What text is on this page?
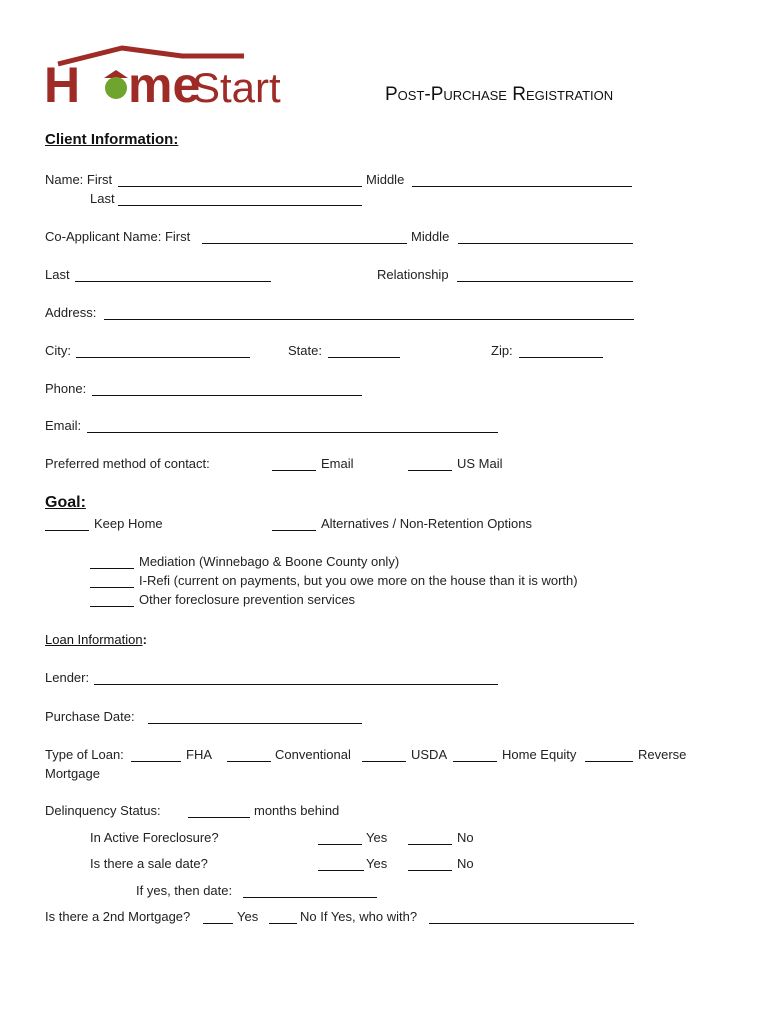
H me
Start	Post-Purchase Registration
Client Information:
Name: First	Middle
Last
Co-Applicant Name: First	Middle
Last	Relationship
Address:
City:	State:	Zip:
Phone:
Email:
Preferred method of contact:	Email	US Mail
Goal:
Keep Home	Alternatives / Non-Retention Options
Mediation (Winnebago & Boone County only)
I-Refi (current on payments, but you owe more on the house than it is worth)
Other foreclosure prevention services
Loan Information:
Lender:
Purchase Date:
Type of Loan:	FHA	Conventional	USDA	Home Equity	Reverse
Mortgage
Delinquency Status:	months behind
In Active Foreclosure?	Yes	No
Is there a sale date?	Yes	No
If yes, then date:
Is there a 2nd Mortgage?	Yes	No If Yes, who with?
